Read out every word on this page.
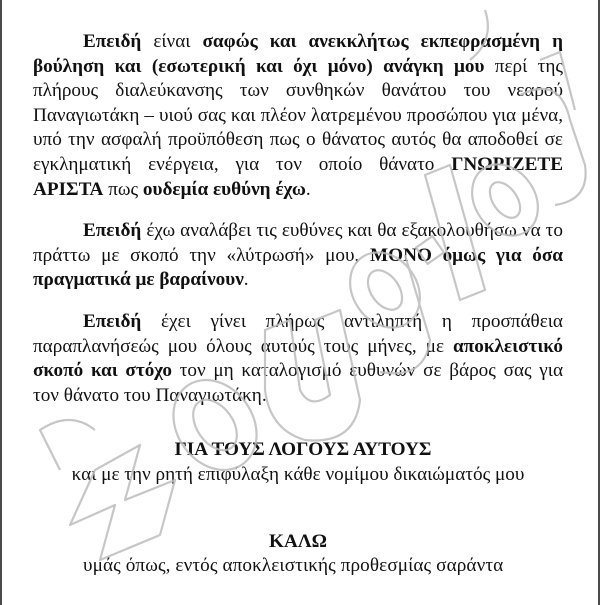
Επειδή είναι σαφώς και ανεκκλήτως εκπεφρασμένη η βούληση και (εσωτερική και όχι μόνο) ανάγκη μου περί της πλήρους διαλεύκανσης των συνθηκών θανάτου του νεαρού Παναγιωτάκη – υιού σας και πλέον λατρεμένου προσώπου για μένα, υπό την ασφαλή προϋπόθεση πως ο θάνατος αυτός θα αποδοθεί σε εγκληματική ενέργεια, για τον οποίο θάνατο ΓΝΩΡΙΖΕΤΕ ΑΡΙΣΤΑ πως ουδεμία ευθύνη έχω.

Επειδή έχω αναλάβει τις ευθύνες και θα εξακολουθήσω να το πράττω με σκοπό την «λύτρωσή» μου, ΜΟΝΟ όμως για όσα πραγματικά με βαραίνουν.

Επειδή έχει γίνει πλήρως αντιληπτή η προσπάθεια παραπλανήσεώς μου όλους αυτούς τους μήνες, με αποκλειστικό σκοπό και στόχο τον μη καταλογισμό ευθυνών σε βάρος σας για τον θάνατο του Παναγιωτάκη.

ΓΙΑ ΤΟΥΣ ΛΟΓΟΥΣ ΑΥΤΟΥΣ
και με την ρητή επιφύλαξη κάθε νομίμου δικαιώματός μου
ΚΑΛΩ
υμάς όπως, εντός αποκλειστικής προθεσμίας σαράντα
